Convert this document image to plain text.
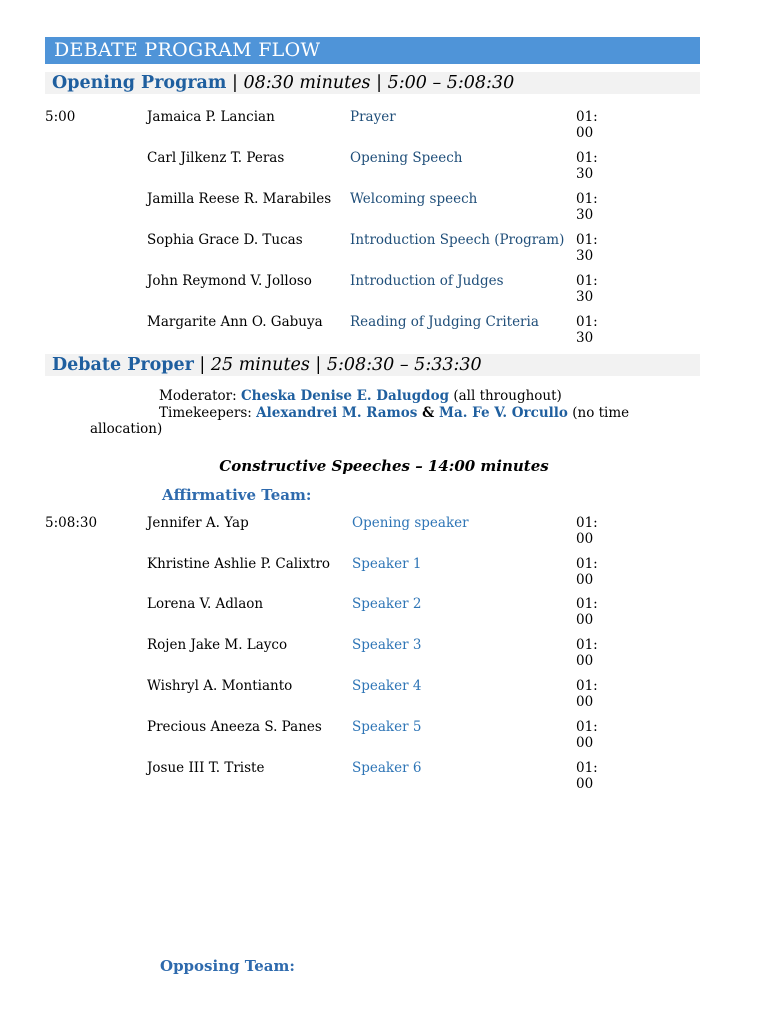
DEBATE PROGRAM FLOW
Opening Program | 08:30 minutes | 5:00 – 5:08:30
5:00	Jamaica P. Lancian	Prayer	01:00
Carl Jilkenz T. Peras	Opening Speech	01:30
Jamilla Reese R. Marabiles	Welcoming speech	01:30
Sophia Grace D. Tucas	Introduction Speech (Program) 01:30
John Reymond V. Jolloso	Introduction of Judges	01:30
Margarite Ann O. Gabuya	Reading of Judging Criteria	01:30
Debate Proper | 25 minutes | 5:08:30 – 5:33:30
Moderator: Cheska Denise E. Dalugdog (all throughout)
Timekeepers: Alexandrei M. Ramos & Ma. Fe V. Orcullo (no time
allocation)
Constructive Speeches – 14:00 minutes
Affirmative Team:
5:08:30	Jennifer A. Yap	Opening speaker	01:00
Khristine Ashlie P. Calixtro	Speaker 1	01:00
Lorena V. Adlaon	Speaker 2	01:00
Rojen Jake M. Layco	Speaker 3	01:00
Wishryl A. Montianto	Speaker 4	01:00
Precious Aneeza S. Panes	Speaker 5	01:00
Josue III T. Triste	Speaker 6	01:00
Opposing Team:
